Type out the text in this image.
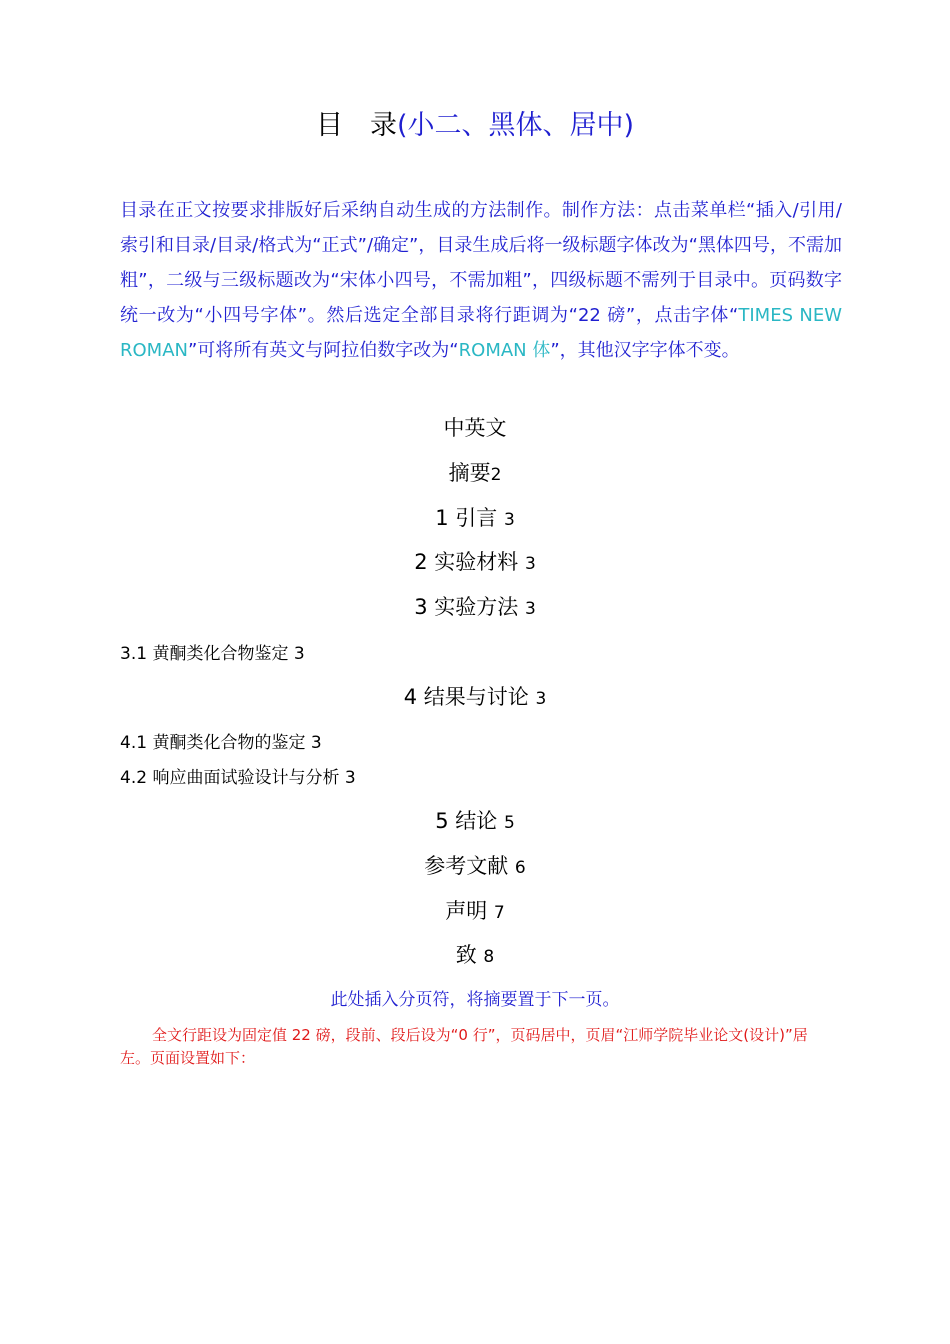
目　录(小二、黑体、居中)
目录在正文按要求排版好后采纳自动生成的方法制作。制作方法：点击菜单栏“插入/引用/索引和目录/目录/格式为“正式”/确定”，目录生成后将一级标题字体改为“黑体四号，不需加粗”，二级与三级标题改为“宋体小四号，不需加粗”，四级标题不需列于目录中。页码数字统一改为“小四号字体”。然后选定全部目录将行距调为“22 磅”，点击字体“TIMES NEW ROMAN”可将所有英文与阿拉伯数字改为“ROMAN 体”，其他汉字字体不变。
中英文
摘要2
1 引言 3
2 实验材料 3
3 实验方法 3
3.1 黄酮类化合物鉴定 3
4 结果与讨论 3
4.1 黄酮类化合物的鉴定 3
4.2 响应曲面试验设计与分析 3
5 结论 5
参考文献 6
声明 7
致 8
此处插入分页符，将摘要置于下一页。
全文行距设为固定值 22 磅，段前、段后设为“0 行”，页码居中，页眉“江师学院毕业论文(设计)”居左。页面设置如下：
